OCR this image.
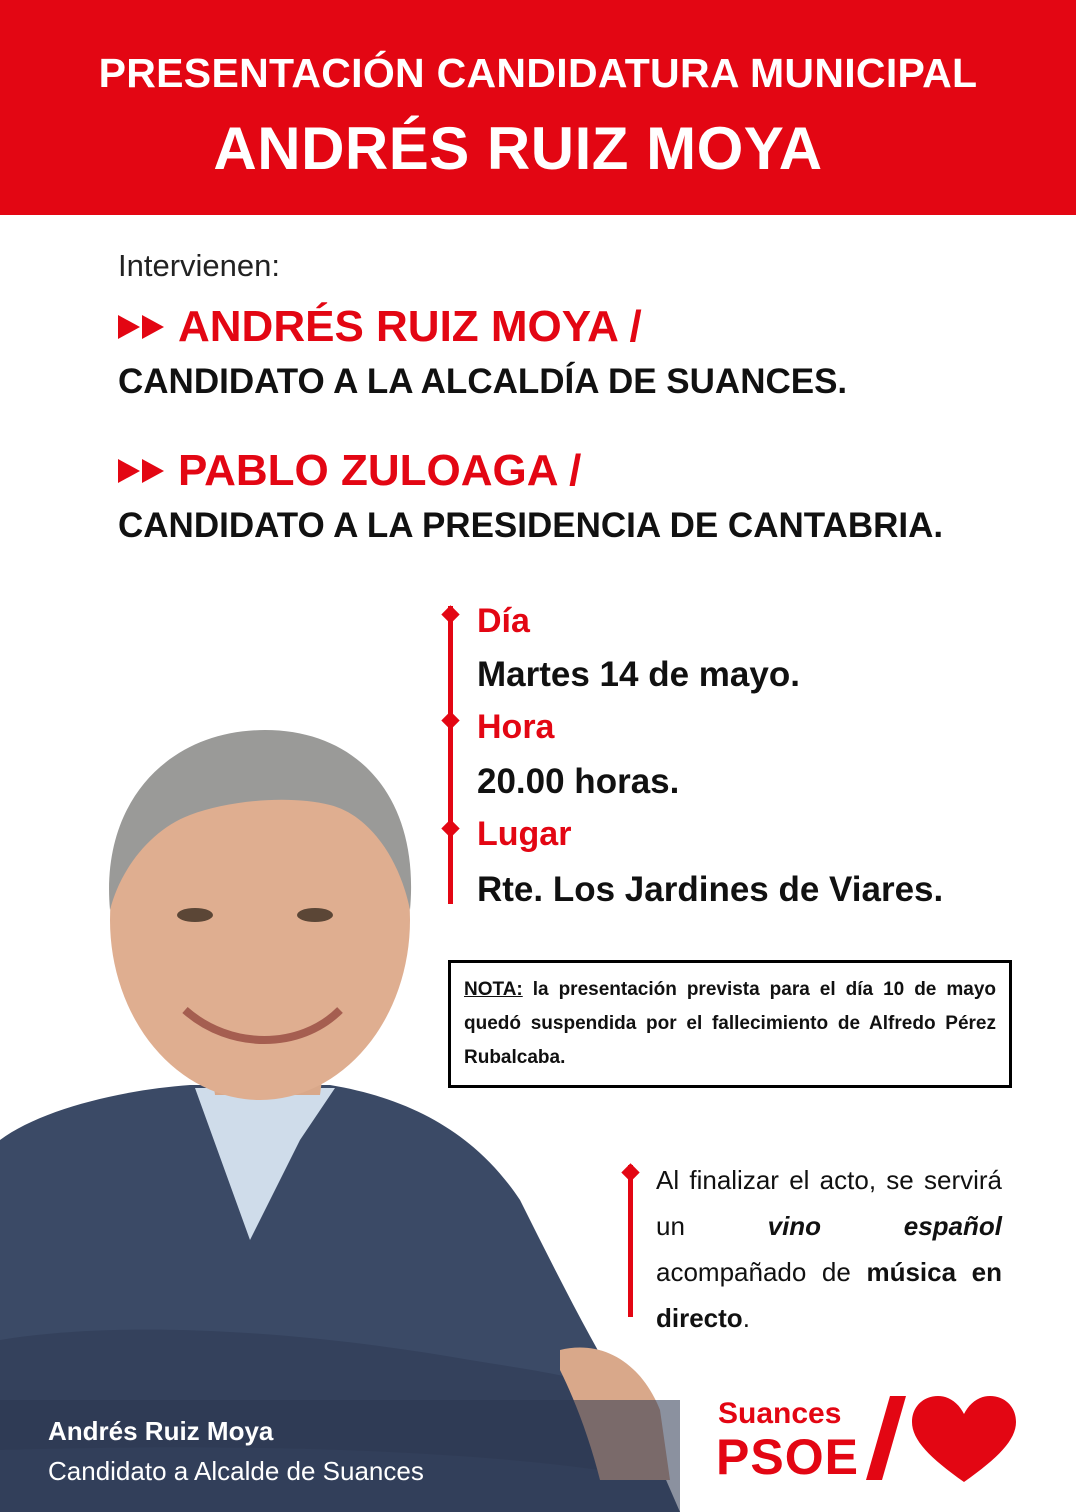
PRESENTACIÓN CANDIDATURA MUNICIPAL
ANDRÉS RUIZ MOYA
Intervienen:
ANDRÉS RUIZ MOYA /
CANDIDATO A LA ALCALDÍA DE SUANCES.
PABLO ZULOAGA /
CANDIDATO A LA PRESIDENCIA DE CANTABRIA.
Día
Martes 14 de mayo.
Hora
20.00 horas.
Lugar
Rte. Los Jardines de Viares.
NOTA: la presentación prevista para el día 10 de mayo quedó suspendida por el fallecimiento de Alfredo Pérez Rubalcaba.
Andrés Ruiz Moya
Candidato a Alcalde de Suances
Al finalizar el acto, se servirá un vino español acompañado de música en directo.
Suances
PSOE
